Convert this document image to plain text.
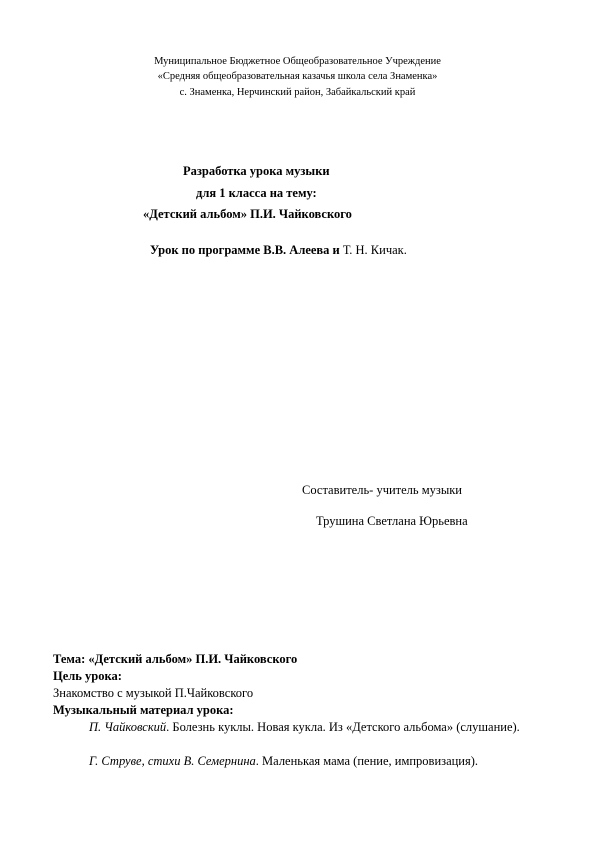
Муниципальное Бюджетное Общеобразовательное Учреждение
«Средняя общеобразовательная казачья школа села Знаменка»
с. Знаменка, Нерчинский район, Забайкальский край
Разработка урока музыки
для 1 класса на тему:
«Детский альбом» П.И. Чайковского
Урок по программе В.В. Алеева и Т. Н. Кичак.
Составитель- учитель музыки
Трушина Светлана Юрьевна
Тема: «Детский альбом» П.И. Чайковского
Цель урока:
Знакомство с музыкой П.Чайковского
Музыкальный материал урока:
П. Чайковский. Болезнь куклы. Новая кукла. Из «Детского альбома» (слушание).
Г. Струве, стихи В. Семернина. Маленькая мама (пение, импровизация).
